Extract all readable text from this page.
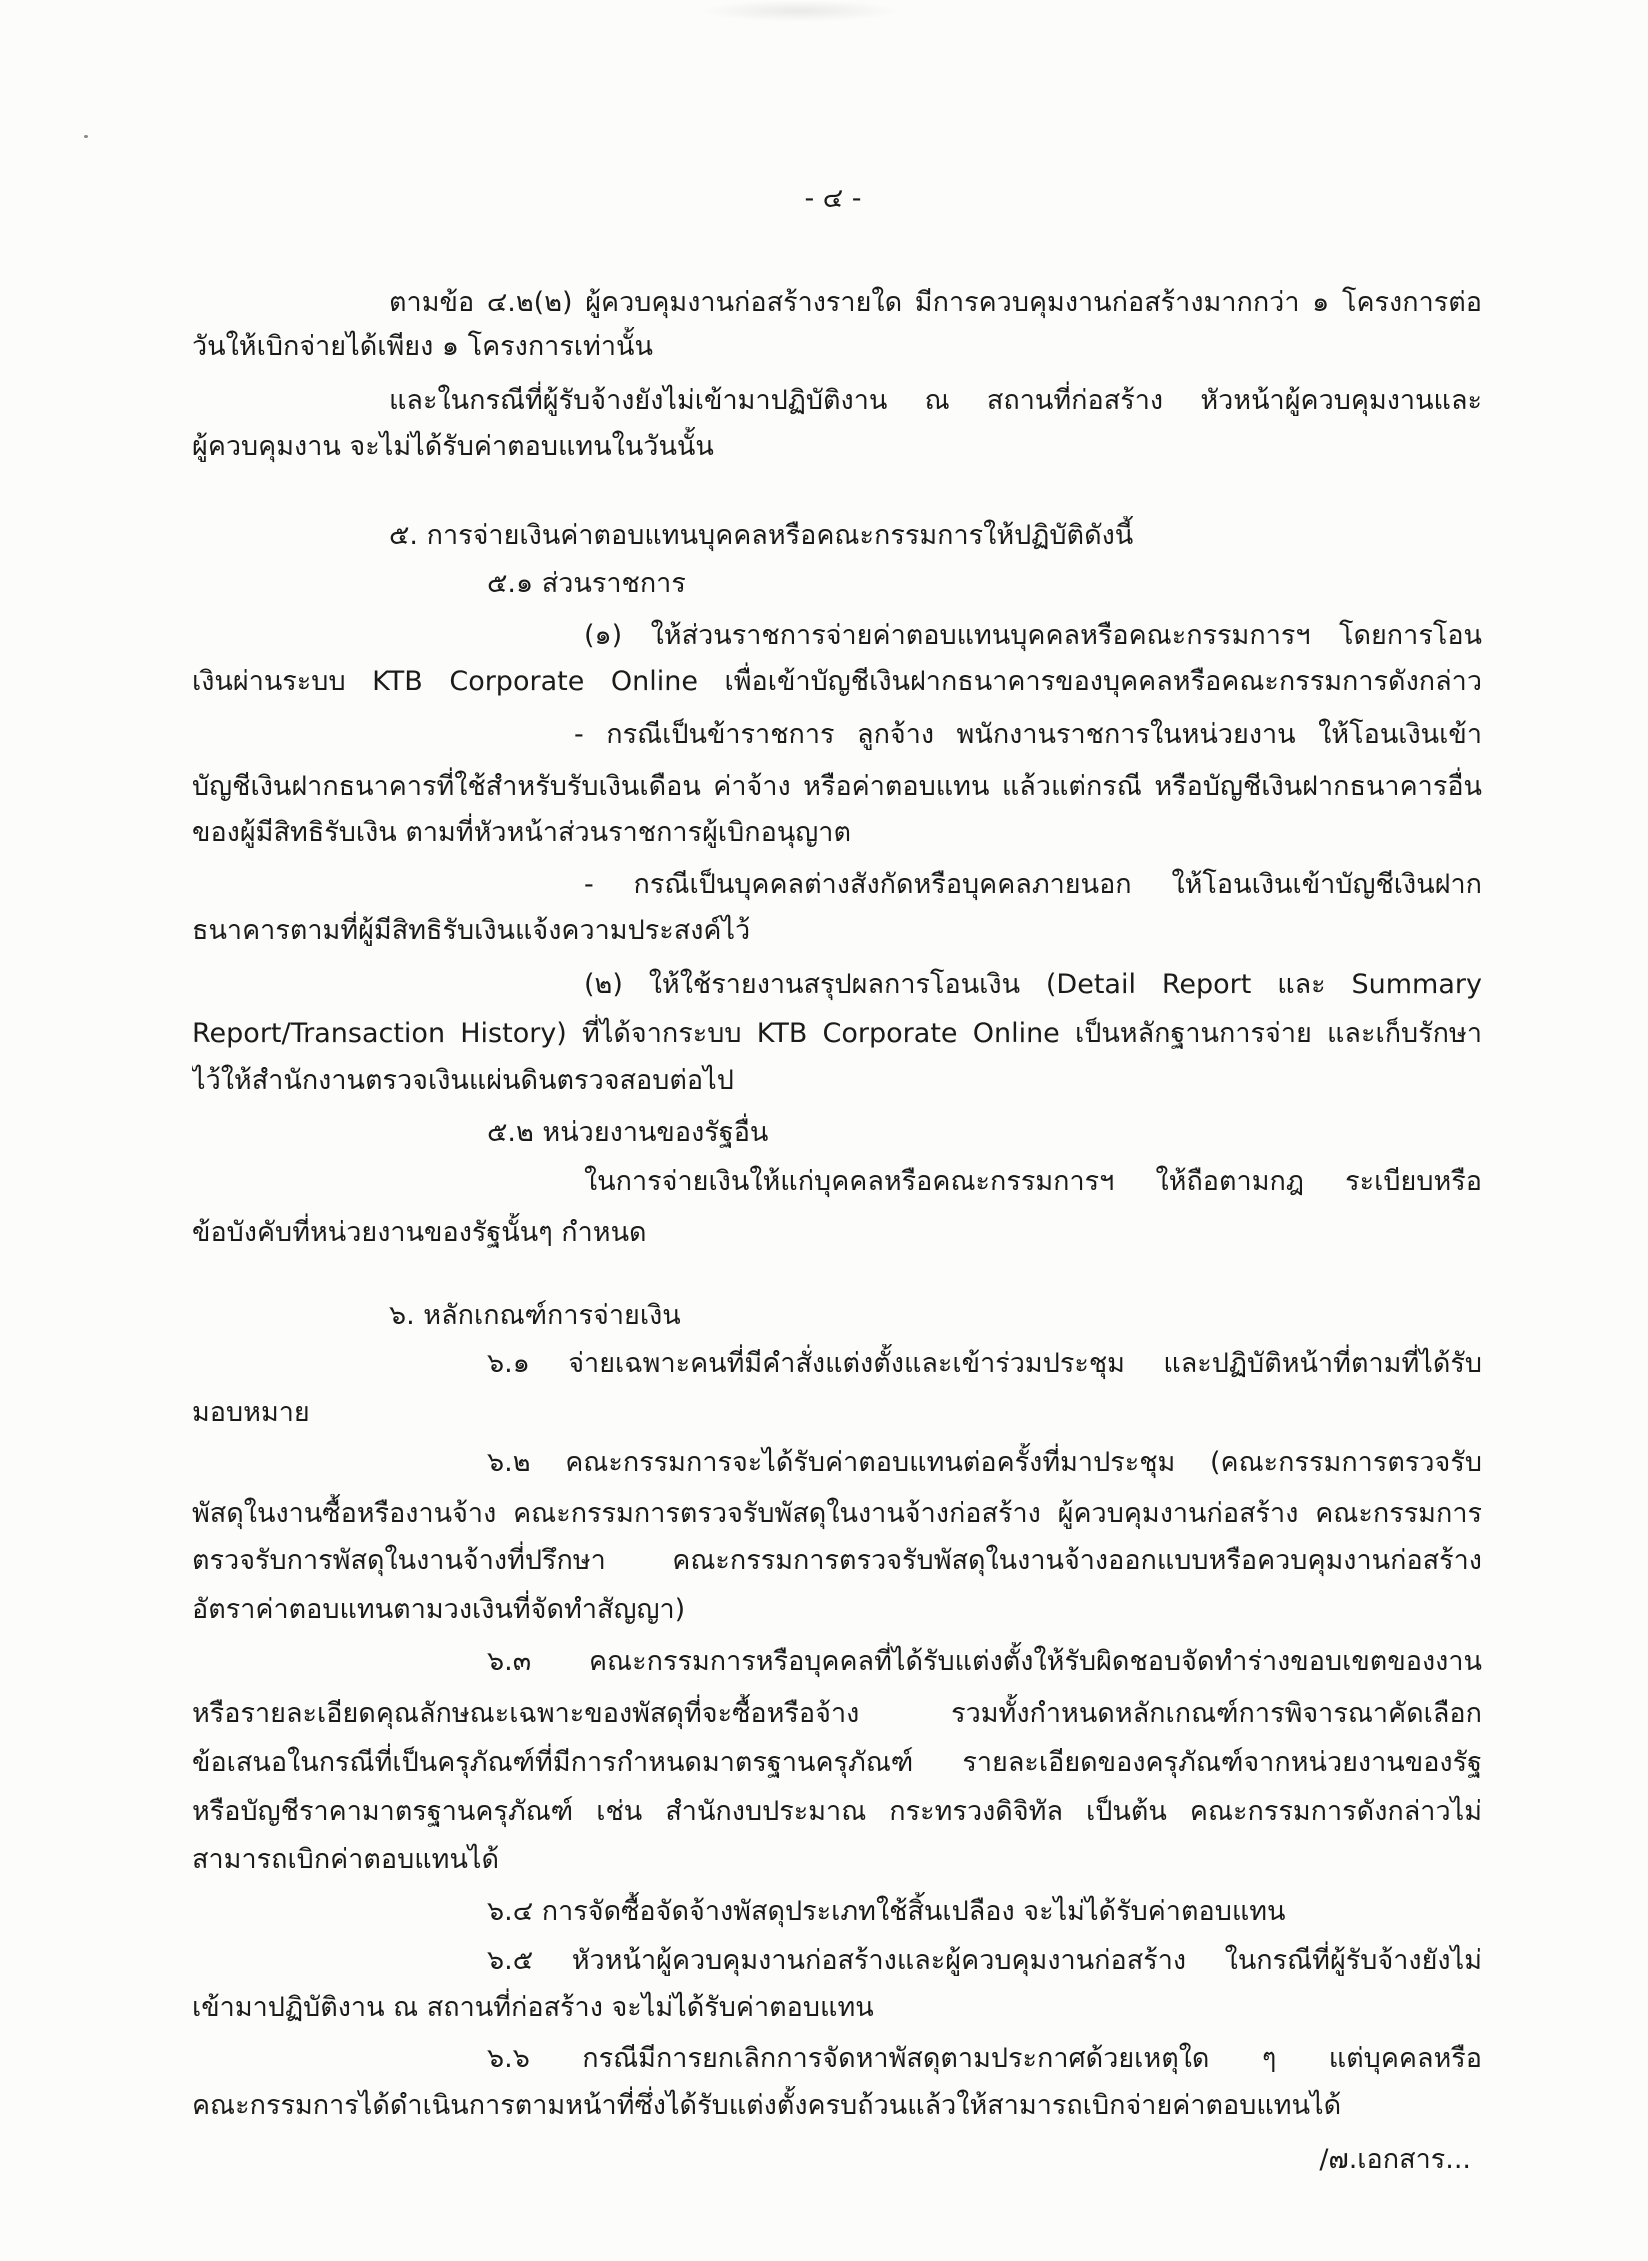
- ๔ -
ตามข้อ ๔.๒(๒) ผู้ควบคุมงานก่อสร้างรายใด มีการควบคุมงานก่อสร้างมากกว่า ๑ โครงการต่อ
วันให้เบิกจ่ายได้เพียง ๑ โครงการเท่านั้น
และในกรณีที่ผู้รับจ้างยังไม่เข้ามาปฏิบัติงาน ณ สถานที่ก่อสร้าง หัวหน้าผู้ควบคุมงานและ
ผู้ควบคุมงาน จะไม่ได้รับค่าตอบแทนในวันนั้น
๕. การจ่ายเงินค่าตอบแทนบุคคลหรือคณะกรรมการให้ปฏิบัติดังนี้
๕.๑ ส่วนราชการ
(๑) ให้ส่วนราชการจ่ายค่าตอบแทนบุคคลหรือคณะกรรมการฯ โดยการโอน
เงินผ่านระบบ KTB Corporate Online เพื่อเข้าบัญชีเงินฝากธนาคารของบุคคลหรือคณะกรรมการดังกล่าว
- กรณีเป็นข้าราชการ ลูกจ้าง พนักงานราชการในหน่วยงาน ให้โอนเงินเข้า
บัญชีเงินฝากธนาคารที่ใช้สำหรับรับเงินเดือน ค่าจ้าง หรือค่าตอบแทน แล้วแต่กรณี หรือบัญชีเงินฝากธนาคารอื่น
ของผู้มีสิทธิรับเงิน ตามที่หัวหน้าส่วนราชการผู้เบิกอนุญาต
- กรณีเป็นบุคคลต่างสังกัดหรือบุคคลภายนอก ให้โอนเงินเข้าบัญชีเงินฝาก
ธนาคารตามที่ผู้มีสิทธิรับเงินแจ้งความประสงค์ไว้
(๒) ให้ใช้รายงานสรุปผลการโอนเงิน (Detail Report และ Summary
Report/Transaction History) ที่ได้จากระบบ KTB Corporate Online เป็นหลักฐานการจ่าย และเก็บรักษา
ไว้ให้สำนักงานตรวจเงินแผ่นดินตรวจสอบต่อไป
๕.๒ หน่วยงานของรัฐอื่น
ในการจ่ายเงินให้แก่บุคคลหรือคณะกรรมการฯ ให้ถือตามกฎ ระเบียบหรือ
ข้อบังคับที่หน่วยงานของรัฐนั้นๆ กำหนด
๖. หลักเกณฑ์การจ่ายเงิน
๖.๑ จ่ายเฉพาะคนที่มีคำสั่งแต่งตั้งและเข้าร่วมประชุม และปฏิบัติหน้าที่ตามที่ได้รับ
มอบหมาย
๖.๒ คณะกรรมการจะได้รับค่าตอบแทนต่อครั้งที่มาประชุม (คณะกรรมการตรวจรับ
พัสดุในงานซื้อหรืองานจ้าง คณะกรรมการตรวจรับพัสดุในงานจ้างก่อสร้าง ผู้ควบคุมงานก่อสร้าง คณะกรรมการ
ตรวจรับการพัสดุในงานจ้างที่ปรึกษา คณะกรรมการตรวจรับพัสดุในงานจ้างออกแบบหรือควบคุมงานก่อสร้าง
อัตราค่าตอบแทนตามวงเงินที่จัดทำสัญญา)
๖.๓ คณะกรรมการหรือบุคคลที่ได้รับแต่งตั้งให้รับผิดชอบจัดทำร่างขอบเขตของงาน
หรือรายละเอียดคุณลักษณะเฉพาะของพัสดุที่จะซื้อหรือจ้าง รวมทั้งกำหนดหลักเกณฑ์การพิจารณาคัดเลือก
ข้อเสนอในกรณีที่เป็นครุภัณฑ์ที่มีการกำหนดมาตรฐานครุภัณฑ์ รายละเอียดของครุภัณฑ์จากหน่วยงานของรัฐ
หรือบัญชีราคามาตรฐานครุภัณฑ์ เช่น สำนักงบประมาณ กระทรวงดิจิทัล เป็นต้น คณะกรรมการดังกล่าวไม่
สามารถเบิกค่าตอบแทนได้
๖.๔ การจัดซื้อจัดจ้างพัสดุประเภทใช้สิ้นเปลือง จะไม่ได้รับค่าตอบแทน
๖.๕ หัวหน้าผู้ควบคุมงานก่อสร้างและผู้ควบคุมงานก่อสร้าง ในกรณีที่ผู้รับจ้างยังไม่
เข้ามาปฏิบัติงาน ณ สถานที่ก่อสร้าง จะไม่ได้รับค่าตอบแทน
๖.๖ กรณีมีการยกเลิกการจัดหาพัสดุตามประกาศด้วยเหตุใด ๆ แต่บุคคลหรือ
คณะกรรมการได้ดำเนินการตามหน้าที่ซึ่งได้รับแต่งตั้งครบถ้วนแล้วให้สามารถเบิกจ่ายค่าตอบแทนได้
/๗.เอกสาร...
